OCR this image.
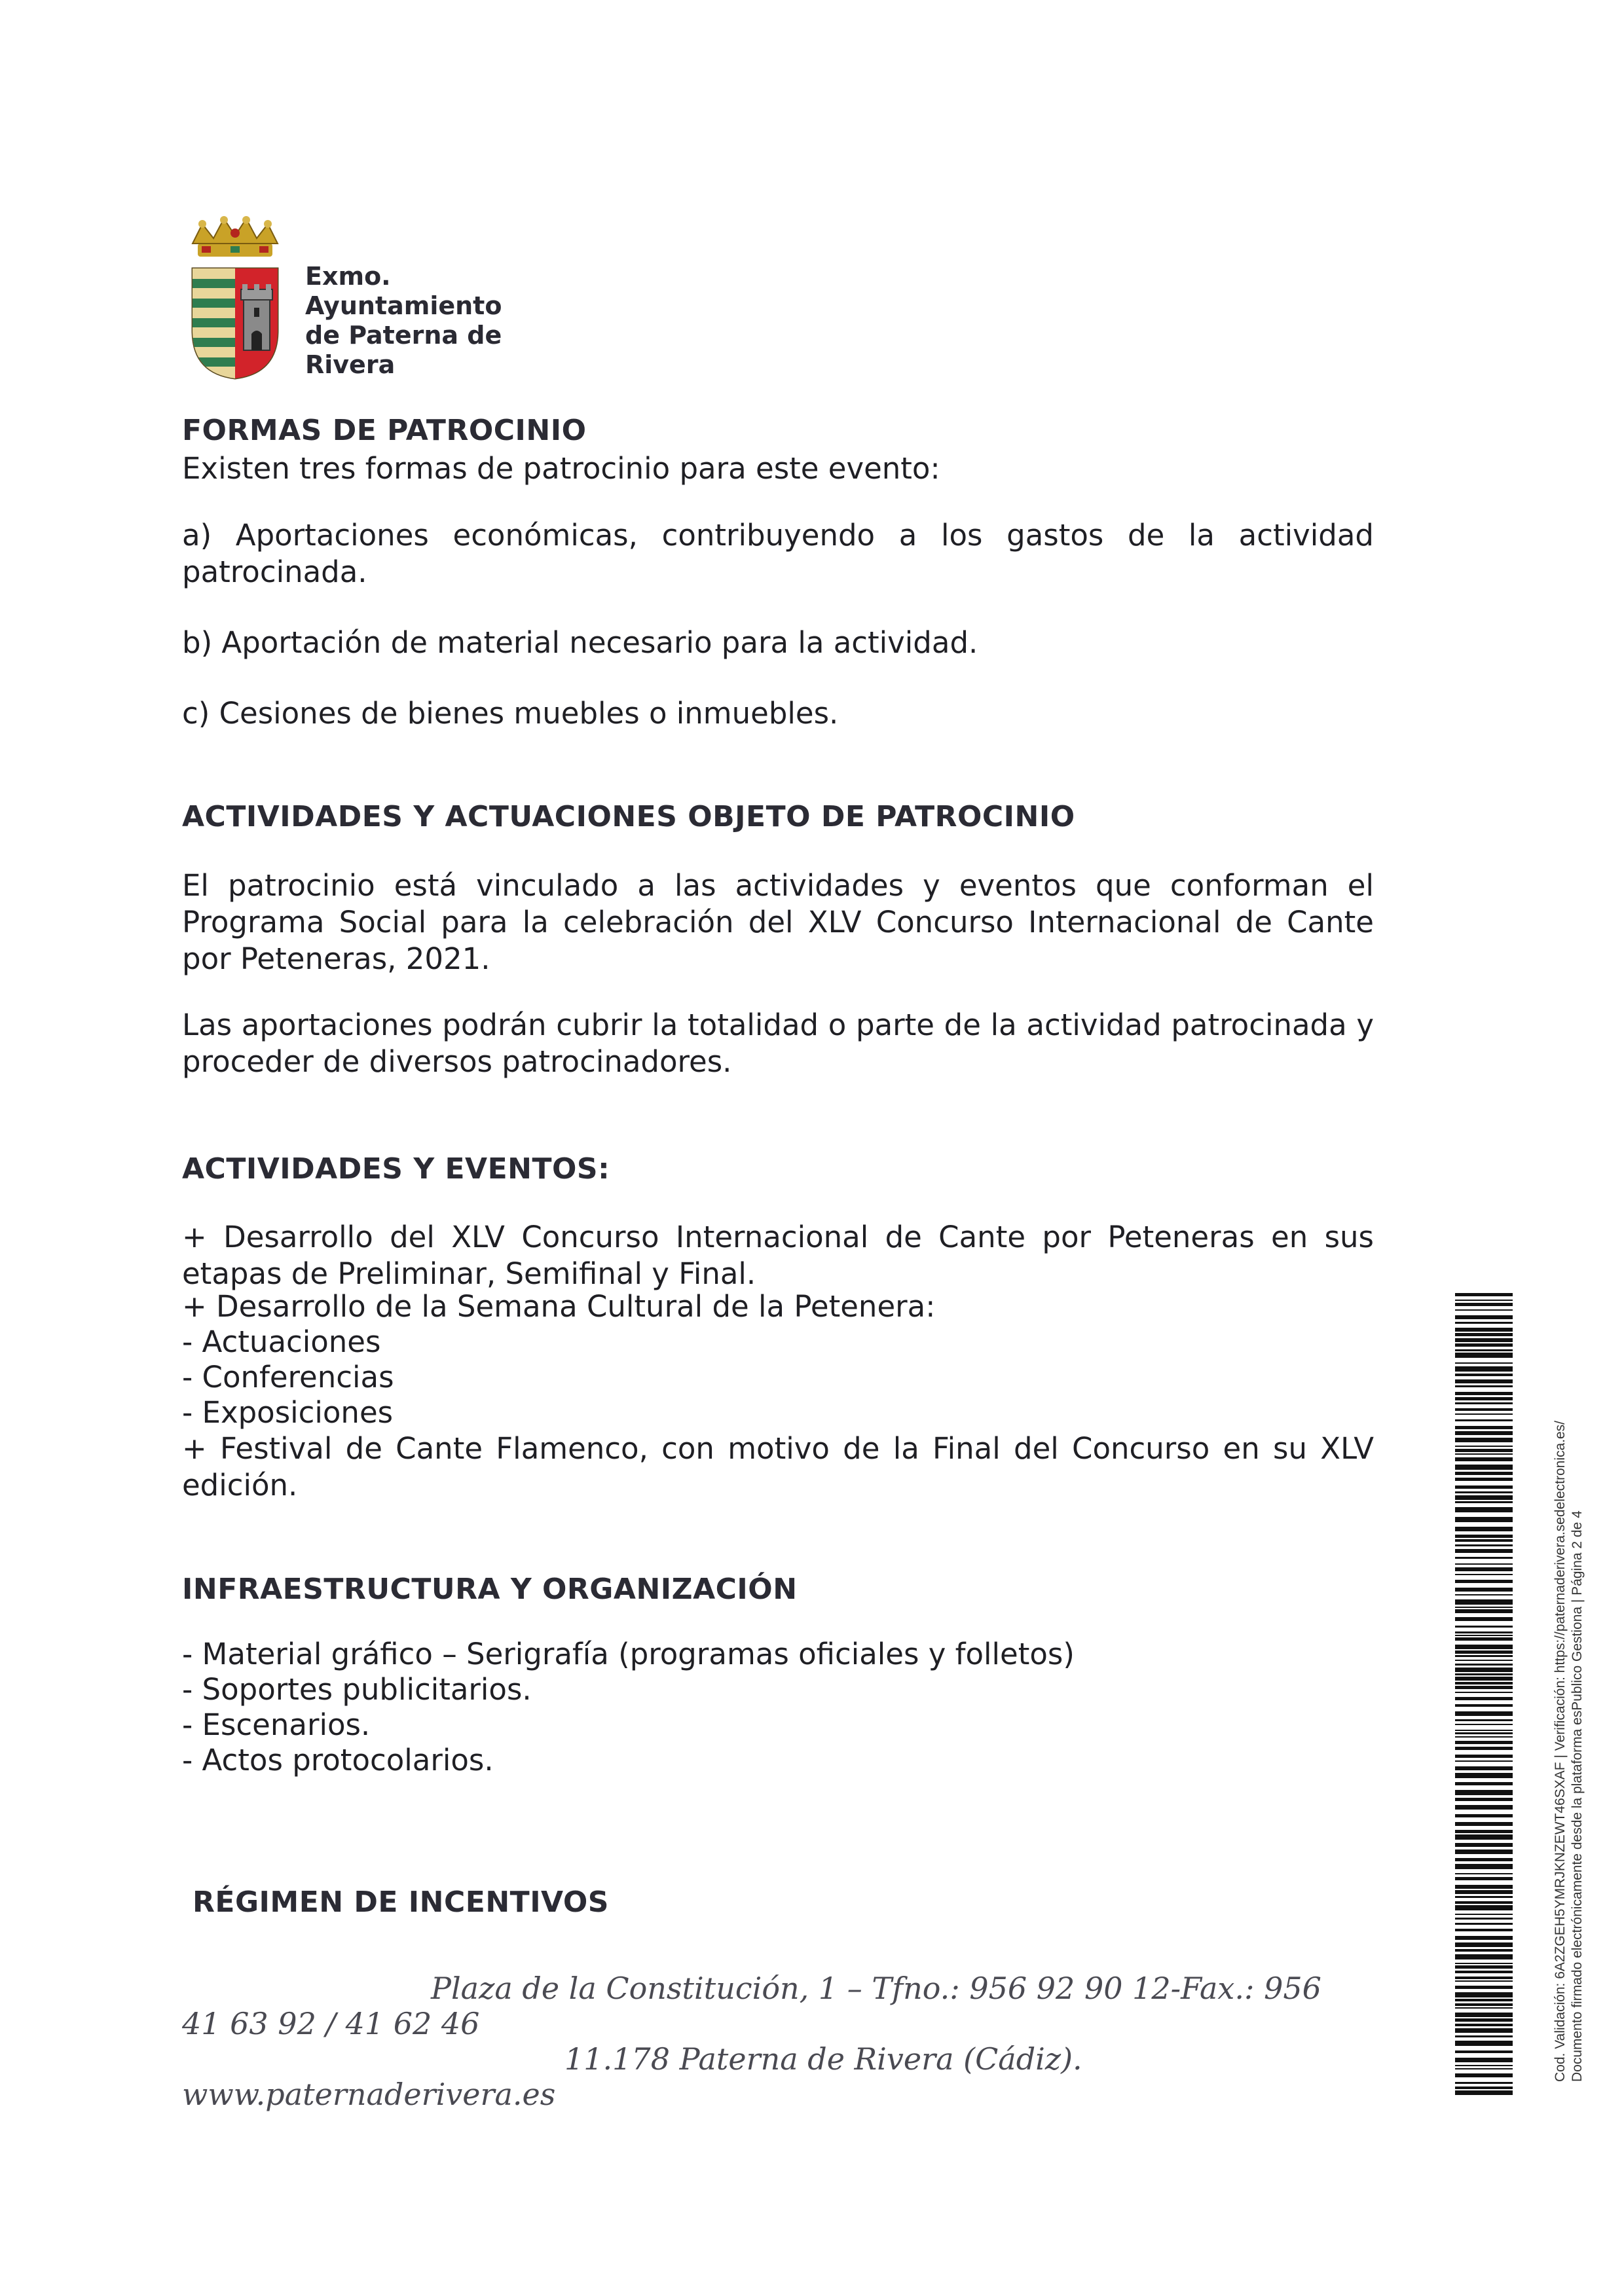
Exmo.
Ayuntamiento
de Paterna de
Rivera
FORMAS DE PATROCINIO
Existen tres formas de patrocinio para este evento:
a) Aportaciones económicas, contribuyendo a los gastos de la actividad patrocinada.
b) Aportación de material necesario para la actividad.
c) Cesiones de bienes muebles o inmuebles.
ACTIVIDADES Y ACTUACIONES OBJETO DE PATROCINIO
El patrocinio está vinculado a las actividades y eventos que conforman el Programa Social para la celebración del XLV Concurso Internacional de Cante por Peteneras, 2021.
Las aportaciones podrán cubrir la totalidad o parte de la actividad patrocinada y proceder de diversos patrocinadores.
ACTIVIDADES Y EVENTOS:
+ Desarrollo del XLV Concurso Internacional de Cante por Peteneras en sus etapas de Preliminar, Semifinal y Final.
+ Desarrollo de la Semana Cultural de la Petenera:
- Actuaciones
- Conferencias
- Exposiciones
+ Festival de Cante Flamenco, con motivo de la Final del Concurso en su XLV edición.
INFRAESTRUCTURA Y ORGANIZACIÓN
- Material gráfico – Serigrafía (programas oficiales y folletos)
- Soportes publicitarios.
- Escenarios.
- Actos protocolarios.
RÉGIMEN DE INCENTIVOS
Plaza de la Constitución, 1 – Tfno.: 956 92 90 12-Fax.: 956
41 63 92 / 41 62 46
11.178 Paterna de Rivera (Cádiz).
www.paternaderivera.es
Cod. Validación: 6A2ZGEH5YMRJKNZEWT46SXAF | Verificación: https://paternaderivera.sedelectronica.es/ Documento firmado electrónicamente desde la plataforma esPublico Gestiona | Página 2 de 4
